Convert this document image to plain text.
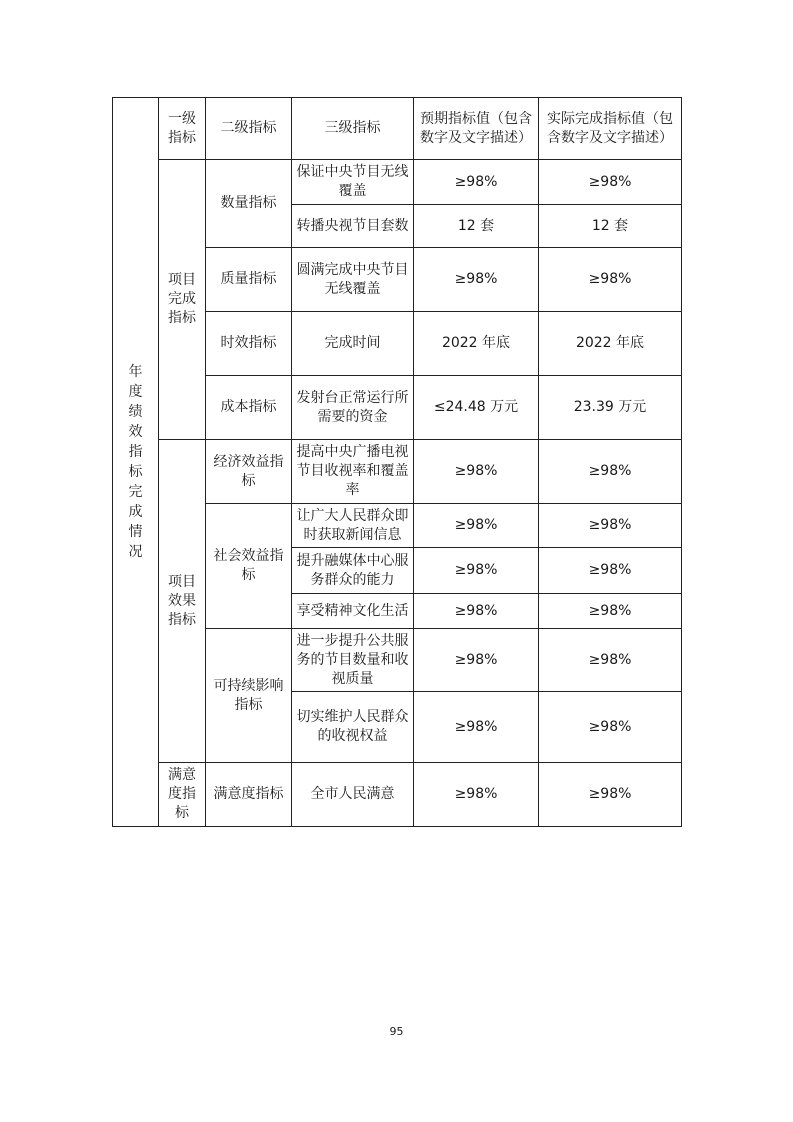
年度绩效指标完成情况	一级指标	二级指标	三级指标	预期指标值（包含数字及文字描述）	实际完成指标值（包含数字及文字描述）
	项目完成指标	数量指标	保证中央节目无线覆盖	≥98%	≥98%
			转播央视节目套数	12 套	12 套
		质量指标	圆满完成中央节目无线覆盖	≥98%	≥98%
		时效指标	完成时间	2022 年底	2022 年底
		成本指标	发射台正常运行所需要的资金	≤24.48 万元	23.39 万元
	项目效果指标	经济效益指标	提高中央广播电视节目收视率和覆盖率	≥98%	≥98%
		社会效益指标	让广大人民群众即时获取新闻信息	≥98%	≥98%
			提升融媒体中心服务群众的能力	≥98%	≥98%
			享受精神文化生活	≥98%	≥98%
		可持续影响指标	进一步提升公共服务的节目数量和收视质量	≥98%	≥98%
			切实维护人民群众的收视权益	≥98%	≥98%
	满意度指标	满意度指标	全市人民满意	≥98%	≥98%
95
